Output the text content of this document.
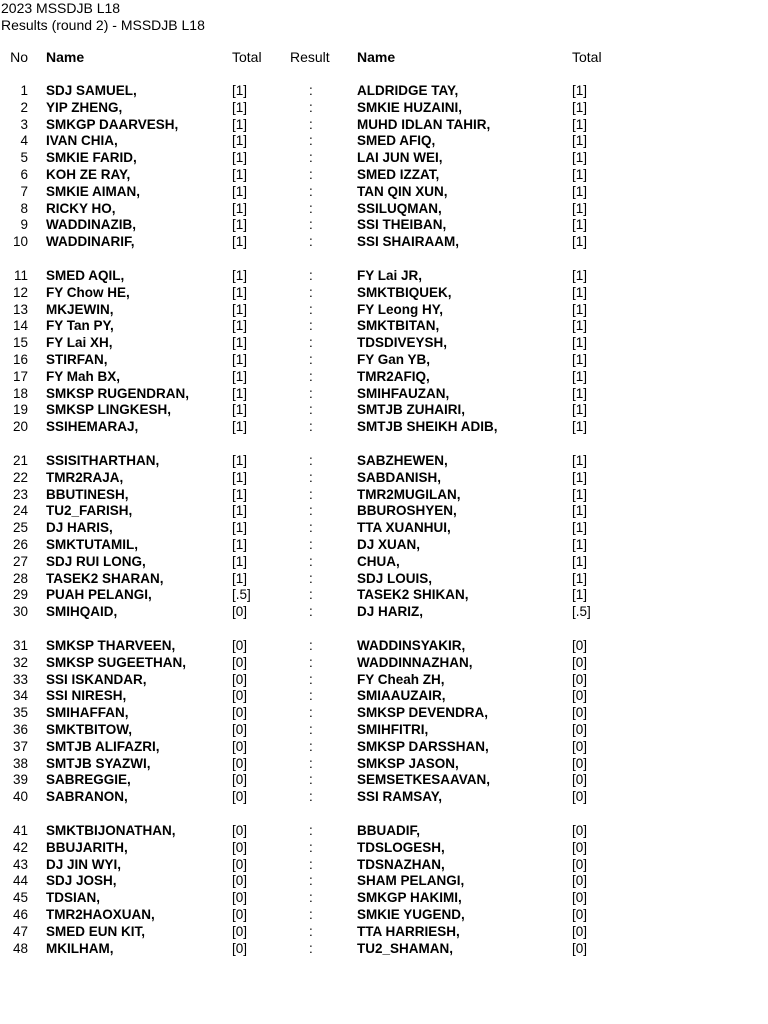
2023 MSSDJB L18
Results (round 2) - MSSDJB L18
No Name	Total Result Name	Total
1 SDJ SAMUEL,	[1]	:	ALDRIDGE TAY,	[1]
2 YIP ZHENG,	[1]	:	SMKIE HUZAINI,	[1]
3 SMKGP DAARVESH,	[1]	:	MUHD IDLAN TAHIR,	[1]
4 IVAN CHIA,	[1]	:	SMED AFIQ,	[1]
5 SMKIE FARID,	[1]	:	LAI JUN WEI,	[1]
6 KOH ZE RAY,	[1]	:	SMED IZZAT,	[1]
7 SMKIE AIMAN,	[1]	:	TAN QIN XUN,	[1]
8 RICKY HO,	[1]	:	SSILUQMAN,	[1]
9 WADDINAZIB,	[1]	:	SSI THEIBAN,	[1]
10 WADDINARIF,	[1]	:	SSI SHAIRAAM,	[1]
11 SMED AQIL,	[1]	:	FY Lai JR,	[1]
12 FY Chow HE,	[1]	:	SMKTBIQUEK,	[1]
13 MKJEWIN,	[1]	:	FY Leong HY,	[1]
14 FY Tan PY,	[1]	:	SMKTBITAN,	[1]
15 FY Lai XH,	[1]	:	TDSDIVEYSH,	[1]
16 STIRFAN,	[1]	:	FY Gan YB,	[1]
17 FY Mah BX,	[1]	:	TMR2AFIQ,	[1]
18 SMKSP RUGENDRAN,	[1]	:	SMIHFAUZAN,	[1]
19 SMKSP LINGKESH,	[1]	:	SMTJB ZUHAIRI,	[1]
20 SSIHEMARAJ,	[1]	:	SMTJB SHEIKH ADIB,	[1]
21 SSISITHARTHAN,	[1]	:	SABZHEWEN,	[1]
22 TMR2RAJA,	[1]	:	SABDANISH,	[1]
23 BBUTINESH,	[1]	:	TMR2MUGILAN,	[1]
24 TU2_FARISH,	[1]	:	BBUROSHYEN,	[1]
25 DJ HARIS,	[1]	:	TTA XUANHUI,	[1]
26 SMKTUTAMIL,	[1]	:	DJ XUAN,	[1]
27 SDJ RUI LONG,	[1]	:	CHUA,	[1]
28 TASEK2 SHARAN,	[1]	:	SDJ LOUIS,	[1]
29 PUAH PELANGI,	[.5]	:	TASEK2 SHIKAN,	[1]
30 SMIHQAID,	[0]	:	DJ HARIZ,	[.5]
31 SMKSP THARVEEN,	[0]	:	WADDINSYAKIR,	[0]
32 SMKSP SUGEETHAN,	[0]	:	WADDINNAZHAN,	[0]
33 SSI ISKANDAR,	[0]	:	FY Cheah ZH,	[0]
34 SSI NIRESH,	[0]	:	SMIAAUZAIR,	[0]
35 SMIHAFFAN,	[0]	:	SMKSP DEVENDRA,	[0]
36 SMKTBITOW,	[0]	:	SMIHFITRI,	[0]
37 SMTJB ALIFAZRI,	[0]	:	SMKSP DARSSHAN,	[0]
38 SMTJB SYAZWI,	[0]	:	SMKSP JASON,	[0]
39 SABREGGIE,	[0]	:	SEMSETKESAAVAN,	[0]
40 SABRANON,	[0]	:	SSI RAMSAY,	[0]
41 SMKTBIJONATHAN,	[0]	:	BBUADIF,	[0]
42 BBUJARITH,	[0]	:	TDSLOGESH,	[0]
43 DJ JIN WYI,	[0]	:	TDSNAZHAN,	[0]
44 SDJ JOSH,	[0]	:	SHAM PELANGI,	[0]
45 TDSIAN,	[0]	:	SMKGP HAKIMI,	[0]
46 TMR2HAOXUAN,	[0]	:	SMKIE YUGEND,	[0]
47 SMED EUN KIT,	[0]	:	TTA HARRIESH,	[0]
48 MKILHAM,	[0]	:	TU2_SHAMAN,	[0]
